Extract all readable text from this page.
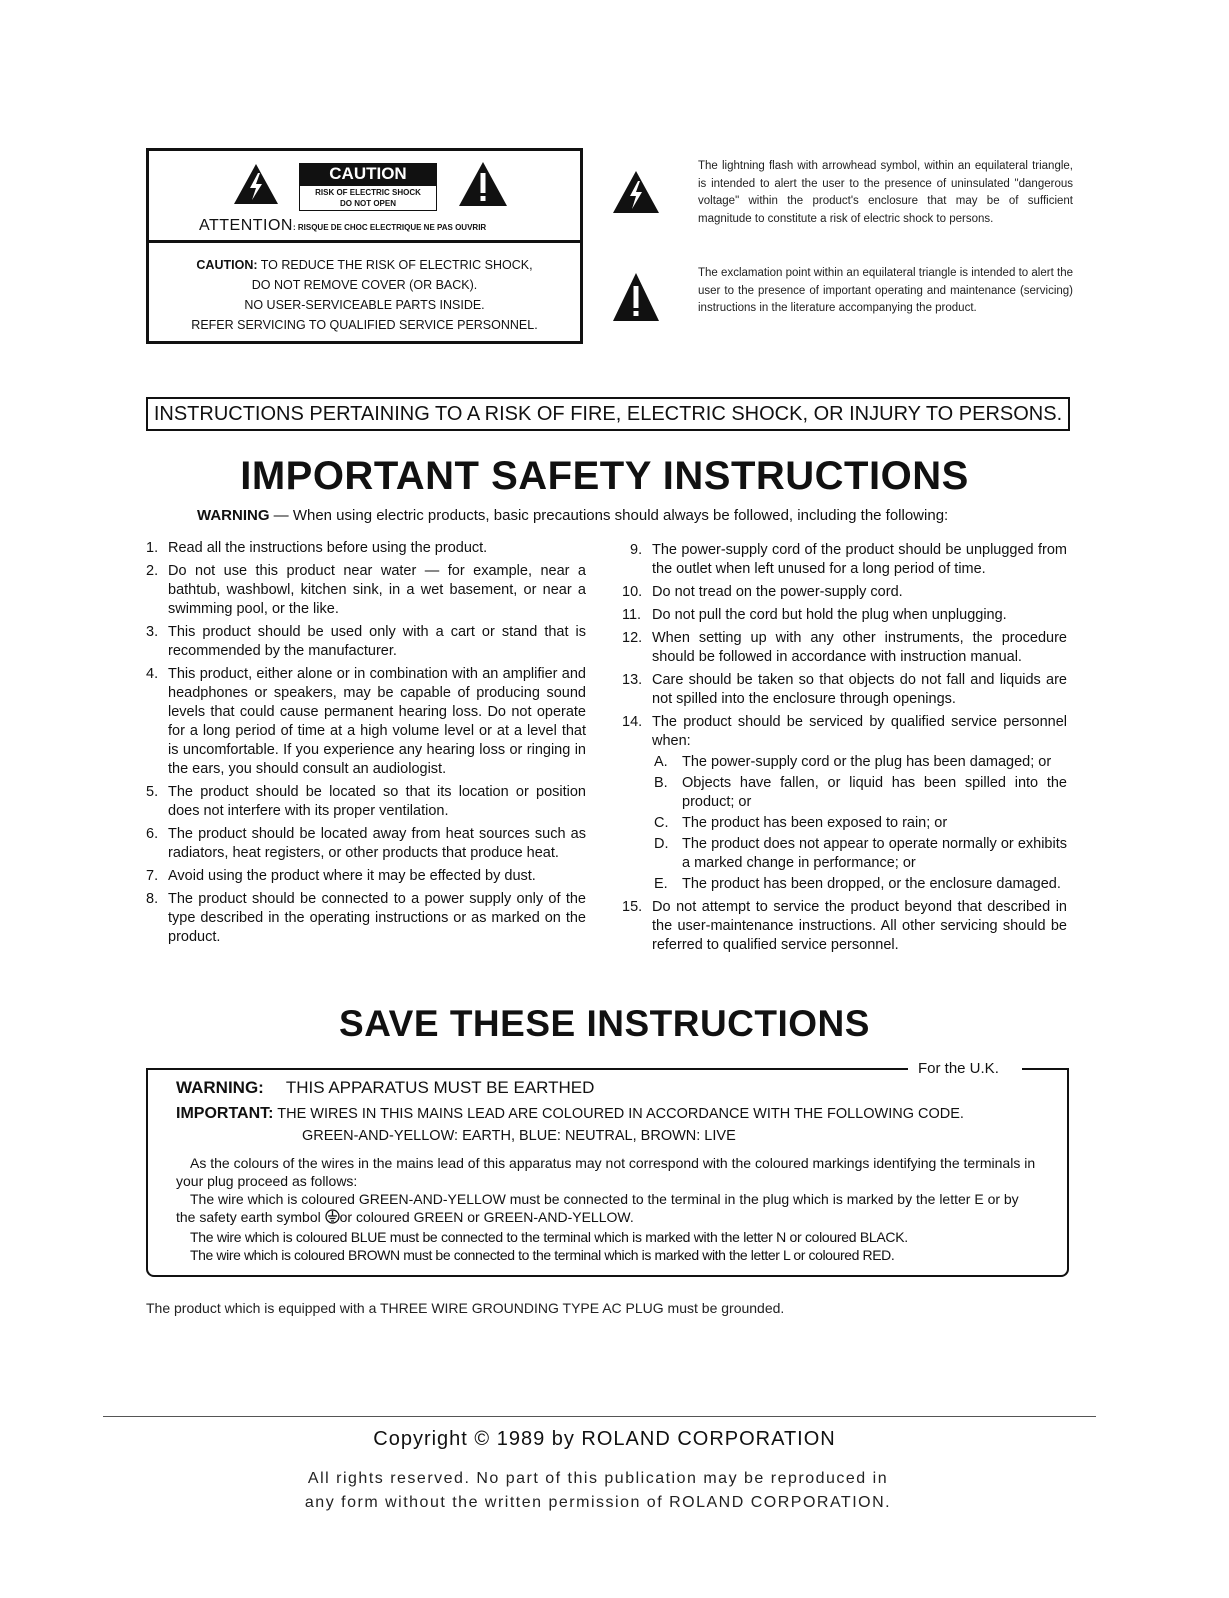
CAUTION
RISK OF ELECTRIC SHOCK
DO NOT OPEN
ATTENTION: RISQUE DE CHOC ELECTRIQUE NE PAS OUVRIR
CAUTION: TO REDUCE THE RISK OF ELECTRIC SHOCK,
DO NOT REMOVE COVER (OR BACK).
NO USER-SERVICEABLE PARTS INSIDE.
REFER SERVICING TO QUALIFIED SERVICE PERSONNEL.
The lightning flash with arrowhead symbol, within an equilateral triangle, is intended to alert the user to the presence of uninsulated "dangerous voltage" within the product's enclosure that may be of sufficient magnitude to constitute a risk of electric shock to persons.
The exclamation point within an equilateral triangle is intended to alert the user to the presence of important operating and maintenance (servicing) instructions in the literature accompanying the product.
INSTRUCTIONS PERTAINING TO A RISK OF FIRE, ELECTRIC SHOCK, OR INJURY TO PERSONS.
IMPORTANT SAFETY INSTRUCTIONS
WARNING — When using electric products, basic precautions should always be followed, including the following:
1. Read all the instructions before using the product.
2. Do not use this product near water — for example, near a bathtub, washbowl, kitchen sink, in a wet basement, or near a swimming pool, or the like.
3. This product should be used only with a cart or stand that is recommended by the manufacturer.
4. This product, either alone or in combination with an amplifier and headphones or speakers, may be capable of producing sound levels that could cause permanent hearing loss. Do not operate for a long period of time at a high volume level or at a level that is uncomfortable. If you experience any hearing loss or ringing in the ears, you should consult an audiologist.
5. The product should be located so that its location or position does not interfere with its proper ventilation.
6. The product should be located away from heat sources such as radiators, heat registers, or other products that produce heat.
7. Avoid using the product where it may be effected by dust.
8. The product should be connected to a power supply only of the type described in the operating instructions or as marked on the product.
9. The power-supply cord of the product should be unplugged from the outlet when left unused for a long period of time.
10. Do not tread on the power-supply cord.
11. Do not pull the cord but hold the plug when unplugging.
12. When setting up with any other instruments, the procedure should be followed in accordance with instruction manual.
13. Care should be taken so that objects do not fall and liquids are not spilled into the enclosure through openings.
14. The product should be serviced by qualified service personnel when:
A. The power-supply cord or the plug has been damaged; or
B. Objects have fallen, or liquid has been spilled into the product; or
C. The product has been exposed to rain; or
D. The product does not appear to operate normally or exhibits a marked change in performance; or
E. The product has been dropped, or the enclosure damaged.
15. Do not attempt to service the product beyond that described in the user-maintenance instructions. All other servicing should be referred to qualified service personnel.
SAVE THESE INSTRUCTIONS
For the U.K.
WARNING: THIS APPARATUS MUST BE EARTHED
IMPORTANT: THE WIRES IN THIS MAINS LEAD ARE COLOURED IN ACCORDANCE WITH THE FOLLOWING CODE.
GREEN-AND-YELLOW: EARTH, BLUE: NEUTRAL, BROWN: LIVE
As the colours of the wires in the mains lead of this apparatus may not correspond with the coloured markings identifying the terminals in your plug proceed as follows:
The wire which is coloured GREEN-AND-YELLOW must be connected to the terminal in the plug which is marked by the letter E or by the safety earth symbol or coloured GREEN or GREEN-AND-YELLOW.
The wire which is coloured BLUE must be connected to the terminal which is marked with the letter N or coloured BLACK.
The wire which is coloured BROWN must be connected to the terminal which is marked with the letter L or coloured RED.
The product which is equipped with a THREE WIRE GROUNDING TYPE AC PLUG must be grounded.
Copyright © 1989 by ROLAND CORPORATION
All rights reserved. No part of this publication may be reproduced in
any form without the written permission of ROLAND CORPORATION.
